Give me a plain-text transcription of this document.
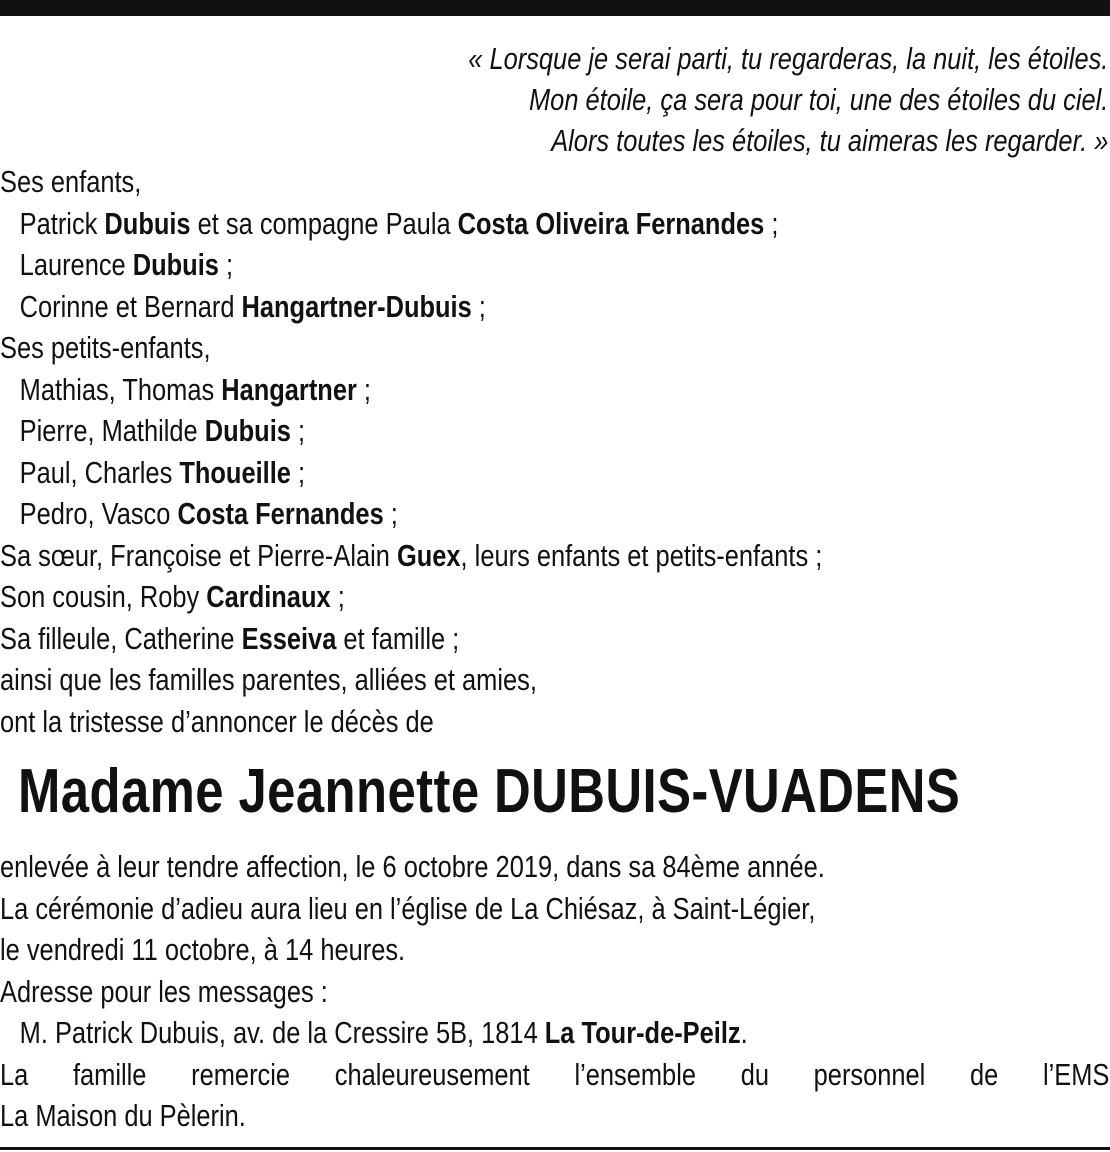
« Lorsque je serai parti, tu regarderas, la nuit, les étoiles.
Mon étoile, ça sera pour toi, une des étoiles du ciel.
Alors toutes les étoiles, tu aimeras les regarder. »
Ses enfants,
Patrick Dubuis et sa compagne Paula Costa Oliveira Fernandes ;
Laurence Dubuis ;
Corinne et Bernard Hangartner-Dubuis ;
Ses petits-enfants,
Mathias, Thomas Hangartner ;
Pierre, Mathilde Dubuis ;
Paul, Charles Thoueille ;
Pedro, Vasco Costa Fernandes ;
Sa sœur, Françoise et Pierre-Alain Guex, leurs enfants et petits-enfants ;
Son cousin, Roby Cardinaux ;
Sa filleule, Catherine Esseiva et famille ;
ainsi que les familles parentes, alliées et amies,
ont la tristesse d’annoncer le décès de
Madame Jeannette DUBUIS-VUADENS
enlevée à leur tendre affection, le 6 octobre 2019, dans sa 84ème année.
La cérémonie d’adieu aura lieu en l’église de La Chiésaz, à Saint-Légier,
le vendredi 11 octobre, à 14 heures.
Adresse pour les messages :
M. Patrick Dubuis, av. de la Cressire 5B, 1814 La Tour-de-Peilz.
La famille remercie chaleureusement l’ensemble du personnel de l’EMS
La Maison du Pèlerin.
